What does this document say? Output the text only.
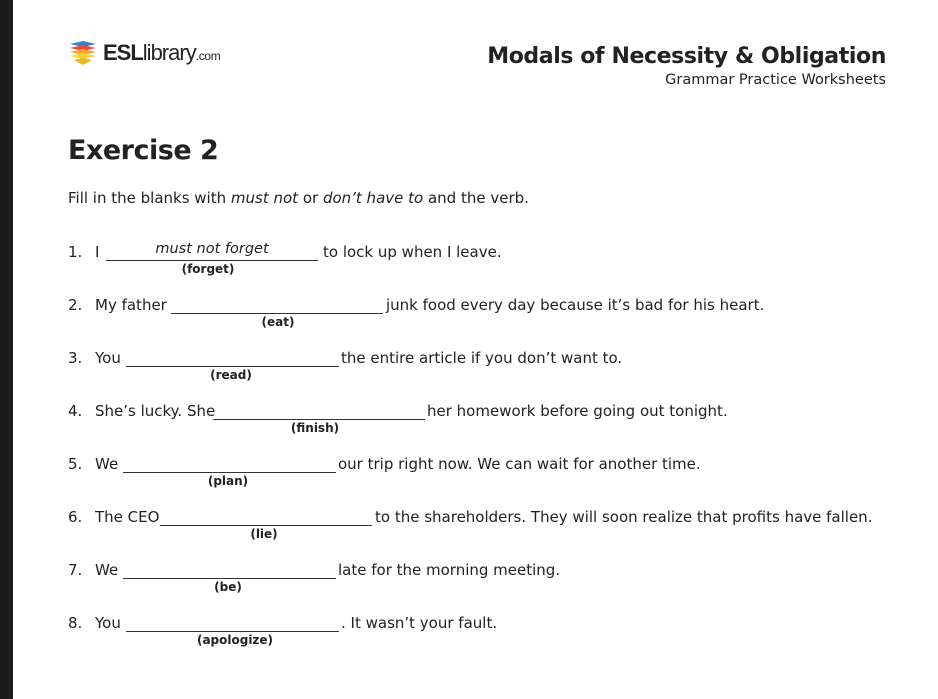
ESLlibrary.com	Modals of Necessity & Obligation
Grammar Practice Worksheets
Exercise 2
Fill in the blanks with must not or don’t have to and the verb.
1. I	must not forget
(forget)
to lock up when I leave.
2. My father
(eat)
junk food every day because it’s bad for his heart.
3. You
(read)
the entire article if you don’t want to.
4. She’s lucky. She
(finish)
her homework before going out tonight.
5. We
(plan)
our trip right now. We can wait for another time.
6. The CEO
(lie)
to the shareholders. They will soon realize that profits have fallen.
7. We
(be)
late for the morning meeting.
8. You
(apologize)
. It wasn’t your fault.
